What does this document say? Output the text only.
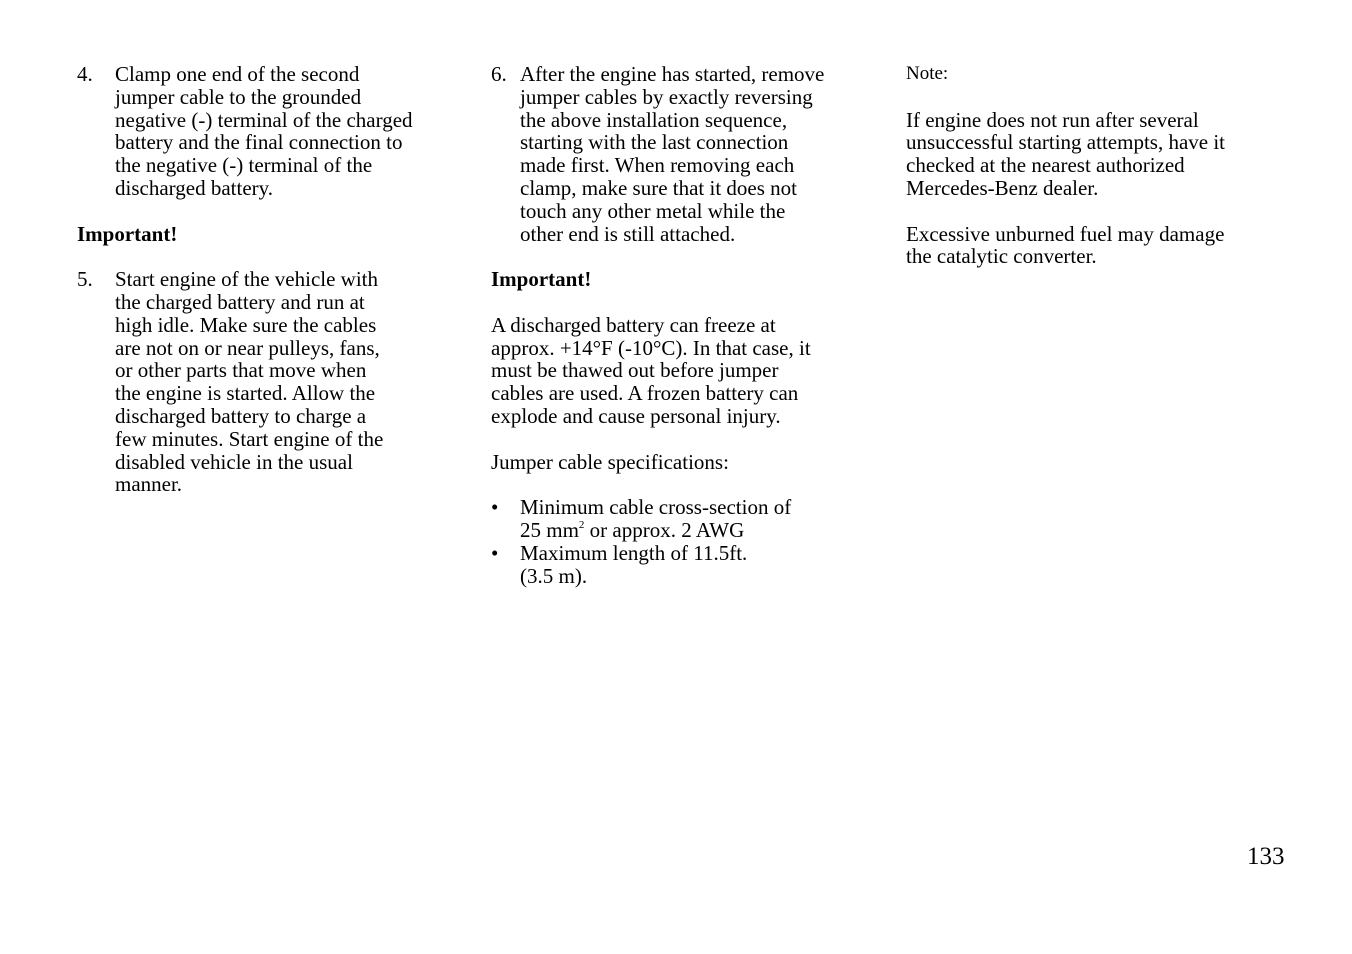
4.	Clamp one end of the second
jumper cable to the grounded
negative (-) terminal of the charged
battery and the final connection to
the negative (-) terminal of the
discharged battery.
Important!
5.	Start engine of the vehicle with
the charged battery and run at
high idle. Make sure the cables
are not on or near pulleys, fans,
or other parts that move when
the engine is started. Allow the
discharged battery to charge a
few minutes. Start engine of the
disabled vehicle in the usual
manner.
6. After the engine has started, remove
jumper cables by exactly reversing
the above installation sequence,
starting with the last connection
made first. When removing each
clamp, make sure that it does not
touch any other metal while the
other end is still attached.
Important!
A discharged battery can freeze at
approx. +14°F (-10°C). In that case, it
must be thawed out before jumper
cables are used. A frozen battery can
explode and cause personal injury.
Jumper cable specifications:
•	Minimum cable cross-section of
25 $mm^2$ or approx. 2 AWG
•	Maximum length of 11.5ft.
(3.5 m).
Note:
If engine does not run after several
unsuccessful starting attempts, have it
checked at the nearest authorized
Mercedes-Benz dealer.
Excessive unburned fuel may damage
the catalytic converter.
133
